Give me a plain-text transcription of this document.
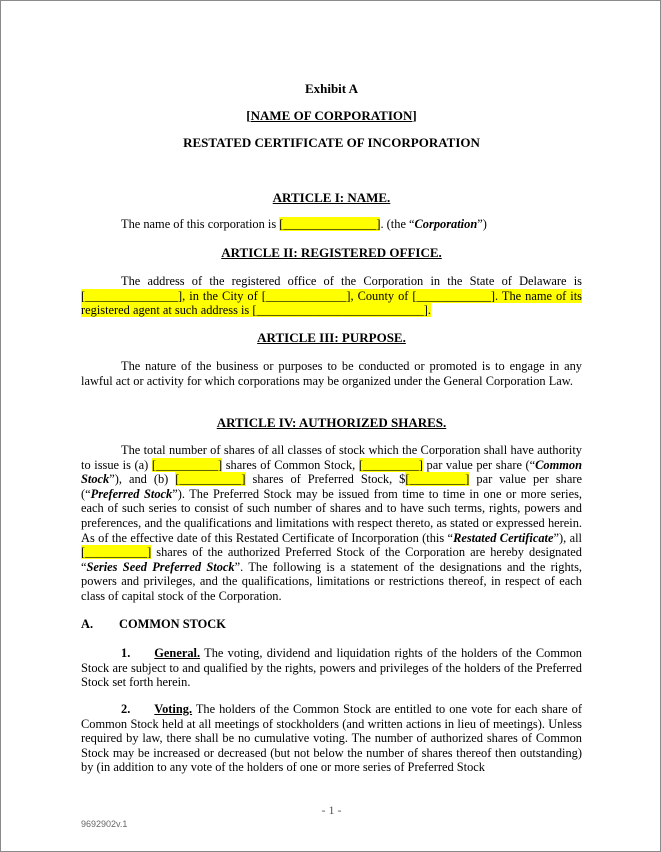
Exhibit A
[NAME OF CORPORATION]
RESTATED CERTIFICATE OF INCORPORATION
ARTICLE I: NAME.
The name of this corporation is [_______________]. (the “Corporation”)
ARTICLE II: REGISTERED OFFICE.
The address of the registered office of the Corporation in the State of Delaware is [_______________], in the City of [_____________], County of [____________]. The name of its registered agent at such address is [___________________________].
ARTICLE III: PURPOSE.
The nature of the business or purposes to be conducted or promoted is to engage in any lawful act or activity for which corporations may be organized under the General Corporation Law.
ARTICLE IV: AUTHORIZED SHARES.
The total number of shares of all classes of stock which the Corporation shall have authority to issue is (a) [__________] shares of Common Stock, [_________] par value per share (“Common Stock”), and (b) [__________] shares of Preferred Stock, $[_________] par value per share (“Preferred Stock”). The Preferred Stock may be issued from time to time in one or more series, each of such series to consist of such number of shares and to have such terms, rights, powers and preferences, and the qualifications and limitations with respect thereto, as stated or expressed herein. As of the effective date of this Restated Certificate of Incorporation (this “Restated Certificate”), all [__________] shares of the authorized Preferred Stock of the Corporation are hereby designated “Series Seed Preferred Stock”. The following is a statement of the designations and the rights, powers and privileges, and the qualifications, limitations or restrictions thereof, in respect of each class of capital stock of the Corporation.
A. COMMON STOCK
1. General. The voting, dividend and liquidation rights of the holders of the Common Stock are subject to and qualified by the rights, powers and privileges of the holders of the Preferred Stock set forth herein.
2. Voting. The holders of the Common Stock are entitled to one vote for each share of Common Stock held at all meetings of stockholders (and written actions in lieu of meetings). Unless required by law, there shall be no cumulative voting. The number of authorized shares of Common Stock may be increased or decreased (but not below the number of shares thereof then outstanding) by (in addition to any vote of the holders of one or more series of Preferred Stock
- 1 -
9692902v.1
